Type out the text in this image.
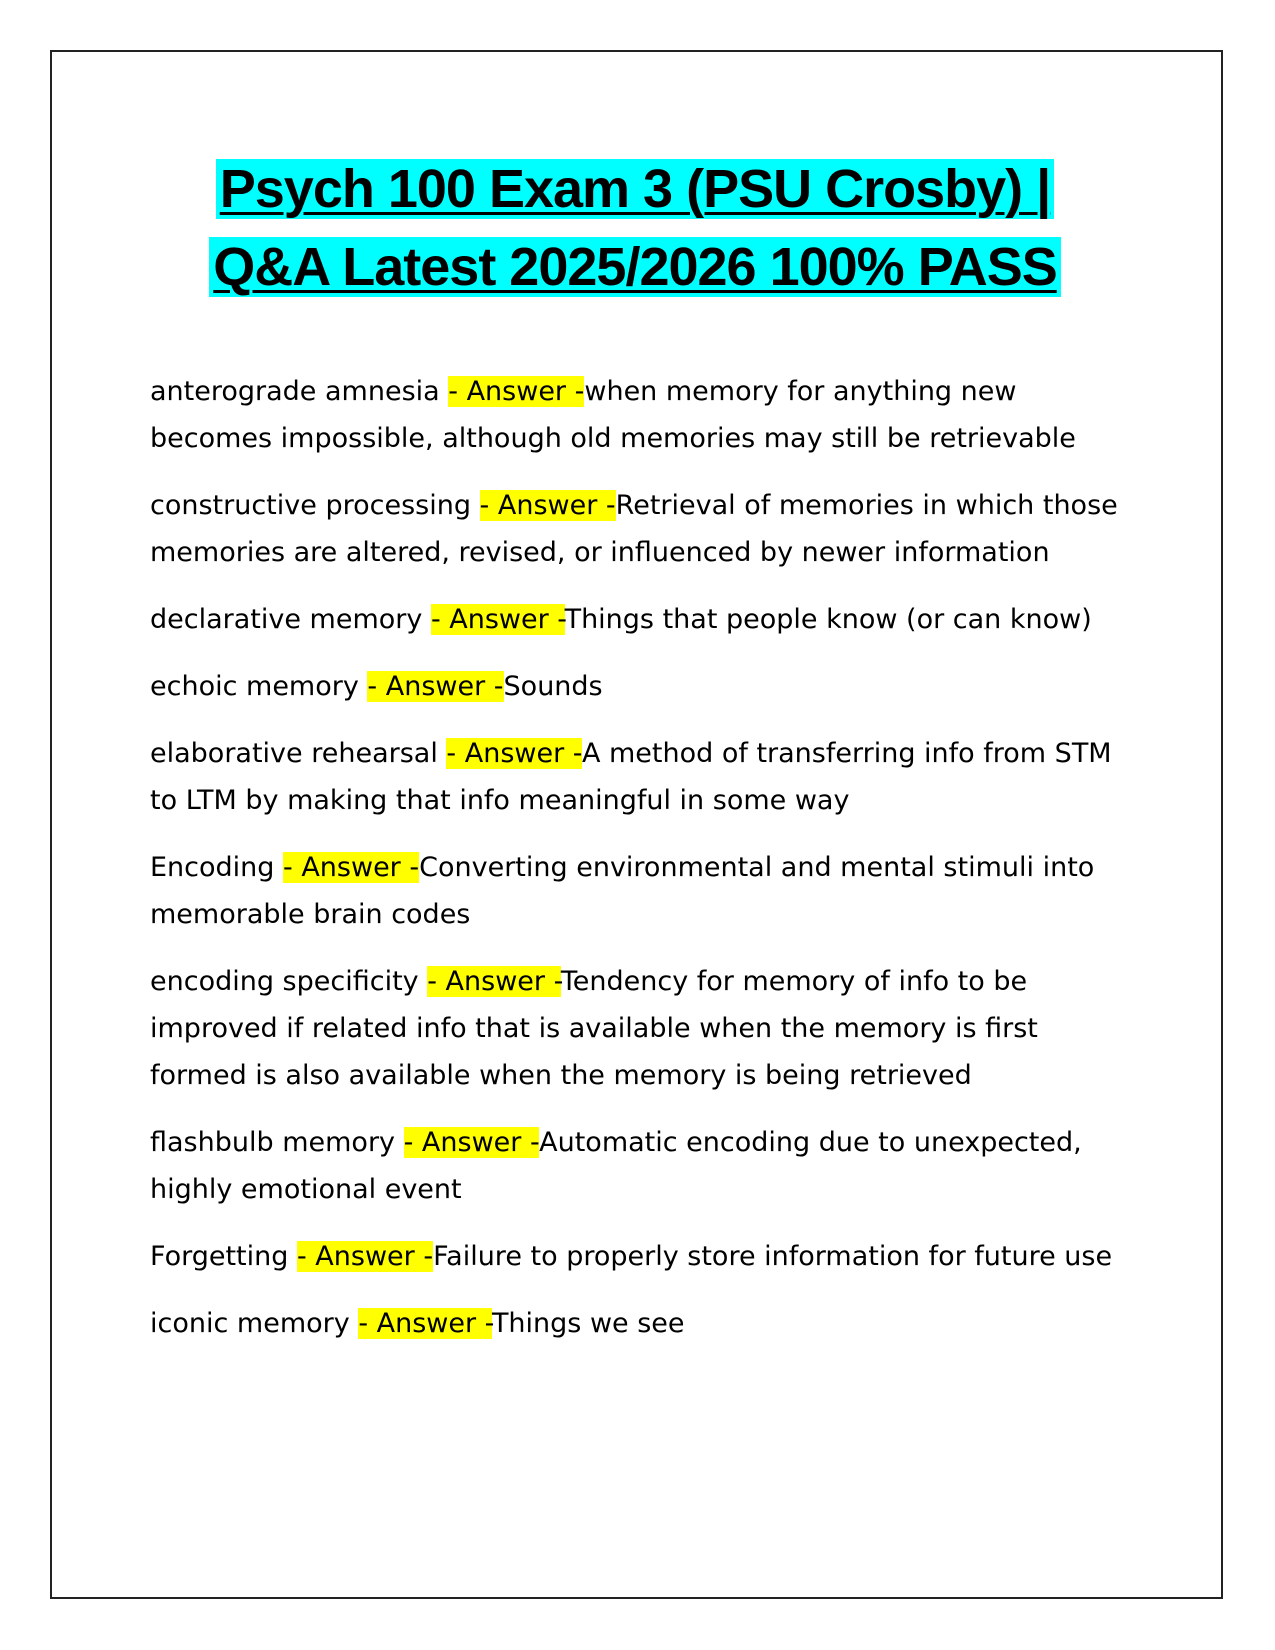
Psych 100 Exam 3 (PSU Crosby) |
Q&A Latest 2025/2026 100% PASS
anterograde amnesia - Answer -when memory for anything new becomes impossible, although old memories may still be retrievable
constructive processing - Answer -Retrieval of memories in which those memories are altered, revised, or influenced by newer information
declarative memory - Answer -Things that people know (or can know)
echoic memory - Answer -Sounds
elaborative rehearsal - Answer -A method of transferring info from STM to LTM by making that info meaningful in some way
Encoding - Answer -Converting environmental and mental stimuli into memorable brain codes
encoding specificity - Answer -Tendency for memory of info to be improved if related info that is available when the memory is first formed is also available when the memory is being retrieved
flashbulb memory - Answer -Automatic encoding due to unexpected, highly emotional event
Forgetting - Answer -Failure to properly store information for future use
iconic memory - Answer -Things we see
